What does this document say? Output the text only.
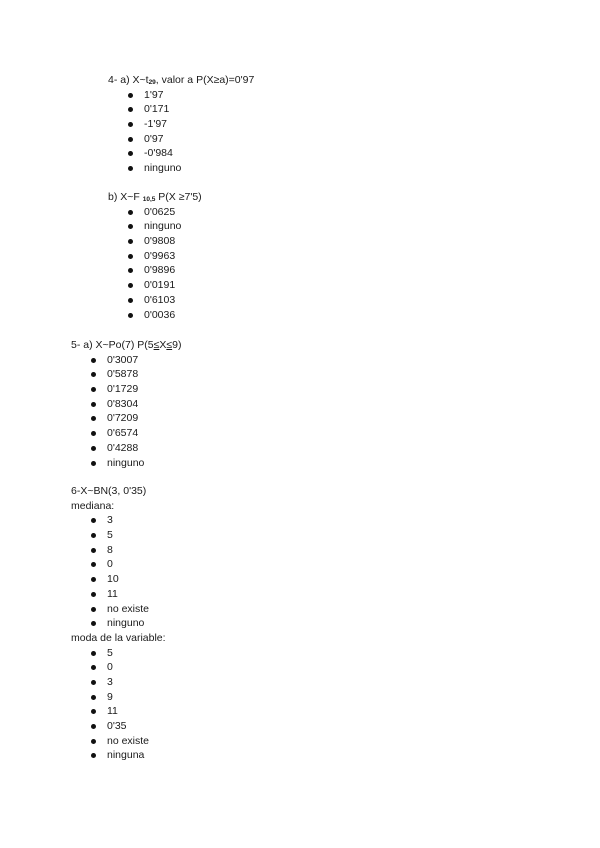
4- a) $X\sim t_{29}$, valor a P(X≥a)=0'97
1'97
0'171
-1'97
0'97
-0'984
ninguno
b) X~F $_{10,5}$ P(X ≥7'5)
0'0625
ninguno
0'9808
0'9963
0'9896
0'0191
0'6103
0'0036
5- a) X~Po(7) P(5≤X≤9)
0'3007
0'5878
0'1729
0'8304
0'7209
0'6574
0'4288
ninguno
6-X~BN(3, 0'35)
mediana:
3
5
8
0
10
11
no existe
ninguno
moda de la variable:
5
0
3
9
11
0'35
no existe
ninguna
